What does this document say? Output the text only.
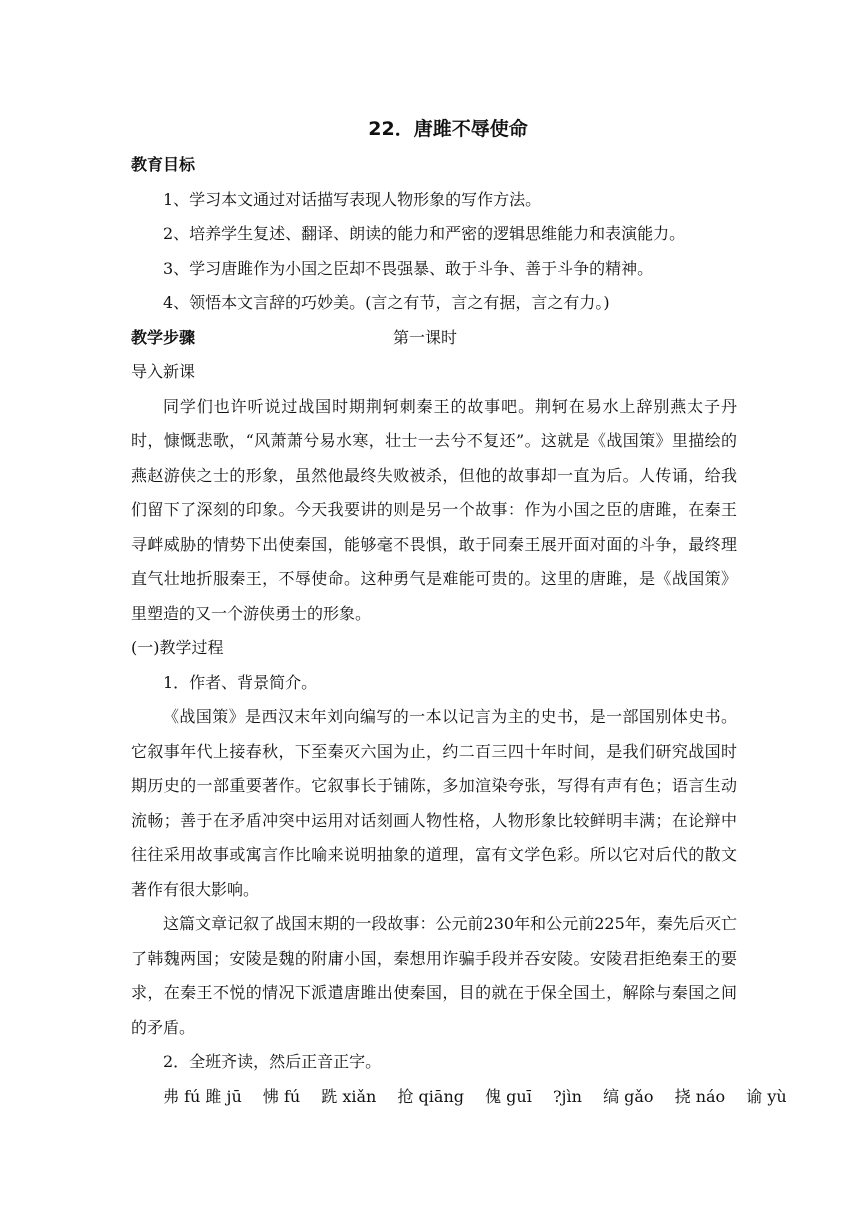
22．唐雎不辱使命
教育目标
1、学习本文通过对话描写表现人物形象的写作方法。
2、培养学生复述、翻译、朗读的能力和严密的逻辑思维能力和表演能力。
3、学习唐雎作为小国之臣却不畏强暴、敢于斗争、善于斗争的精神。
4、领悟本文言辞的巧妙美。(言之有节，言之有据，言之有力。)
教学步骤	第一课时
导入新课
同学们也许听说过战国时期荆轲刺秦王的故事吧。荆轲在易水上辞别燕太子丹时，慷慨悲歌，“风萧萧兮易水寒，壮士一去兮不复还”。这就是《战国策》里描绘的燕赵游侠之士的形象，虽然他最终失败被杀，但他的故事却一直为后。人传诵，给我们留下了深刻的印象。今天我要讲的则是另一个故事：作为小国之臣的唐雎，在秦王寻衅威胁的情势下出使秦国，能够毫不畏惧，敢于同秦王展开面对面的斗争，最终理直气壮地折服秦王，不辱使命。这种勇气是难能可贵的。这里的唐雎，是《战国策》里塑造的又一个游侠勇士的形象。
(一)教学过程
1．作者、背景简介。
《战国策》是西汉末年刘向编写的一本以记言为主的史书，是一部国别体史书。它叙事年代上接春秋，下至秦灭六国为止，约二百三四十年时间，是我们研究战国时期历史的一部重要著作。它叙事长于铺陈，多加渲染夸张，写得有声有色；语言生动流畅；善于在矛盾冲突中运用对话刻画人物性格，人物形象比较鲜明丰满；在论辩中往往采用故事或寓言作比喻来说明抽象的道理，富有文学色彩。所以它对后代的散文著作有很大影响。
这篇文章记叙了战国末期的一段故事：公元前230年和公元前225年，秦先后灭亡了韩魏两国；安陵是魏的附庸小国，秦想用诈骗手段并吞安陵。安陵君拒绝秦王的要求，在秦王不悦的情况下派遣唐雎出使秦国，目的就在于保全国土，解除与秦国之间的矛盾。
2．全班齐读，然后正音正字。
弗 fú 雎 jū 怫 fú 跣 xiǎn 抢 qiāng 傀 guī ?jìn 缟 gǎo 挠 náo 谕 yù
